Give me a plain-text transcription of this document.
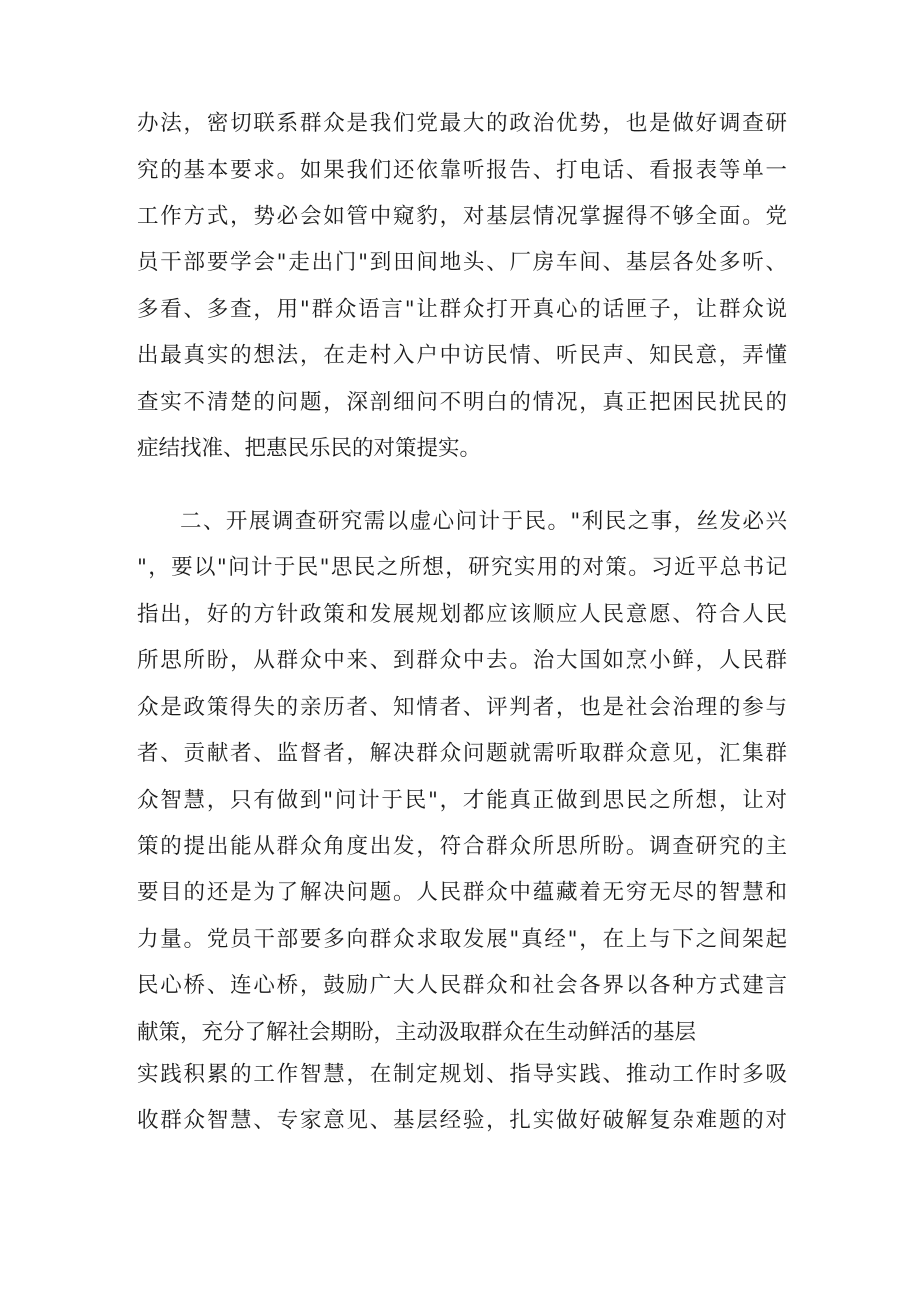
办法，密切联系群众是我们党最大的政治优势，也是做好调查研
究的基本要求。如果我们还依靠听报告、打电话、看报表等单一
工作方式，势必会如管中窥豹，对基层情况掌握得不够全面。党
员干部要学会"走出门"到田间地头、厂房车间、基层各处多听、
多看、多查，用"群众语言"让群众打开真心的话匣子，让群众说
出最真实的想法，在走村入户中访民情、听民声、知民意，弄懂
查实不清楚的问题，深剖细问不明白的情况，真正把困民扰民的
症结找准、把惠民乐民的对策提实。
二、开展调查研究需以虚心问计于民。"利民之事，丝发必兴
"，要以"问计于民"思民之所想，研究实用的对策。习近平总书记
指出，好的方针政策和发展规划都应该顺应人民意愿、符合人民
所思所盼，从群众中来、到群众中去。治大国如烹小鲜，人民群
众是政策得失的亲历者、知情者、评判者，也是社会治理的参与
者、贡献者、监督者，解决群众问题就需听取群众意见，汇集群
众智慧，只有做到"问计于民"，才能真正做到思民之所想，让对
策的提出能从群众角度出发，符合群众所思所盼。调查研究的主
要目的还是为了解决问题。人民群众中蕴藏着无穷无尽的智慧和
力量。党员干部要多向群众求取发展"真经"，在上与下之间架起
民心桥、连心桥，鼓励广大人民群众和社会各界以各种方式建言
献策，充分了解社会期盼，主动汲取群众在生动鲜活的基层
实践积累的工作智慧，在制定规划、指导实践、推动工作时多吸
收群众智慧、专家意见、基层经验，扎实做好破解复杂难题的对
